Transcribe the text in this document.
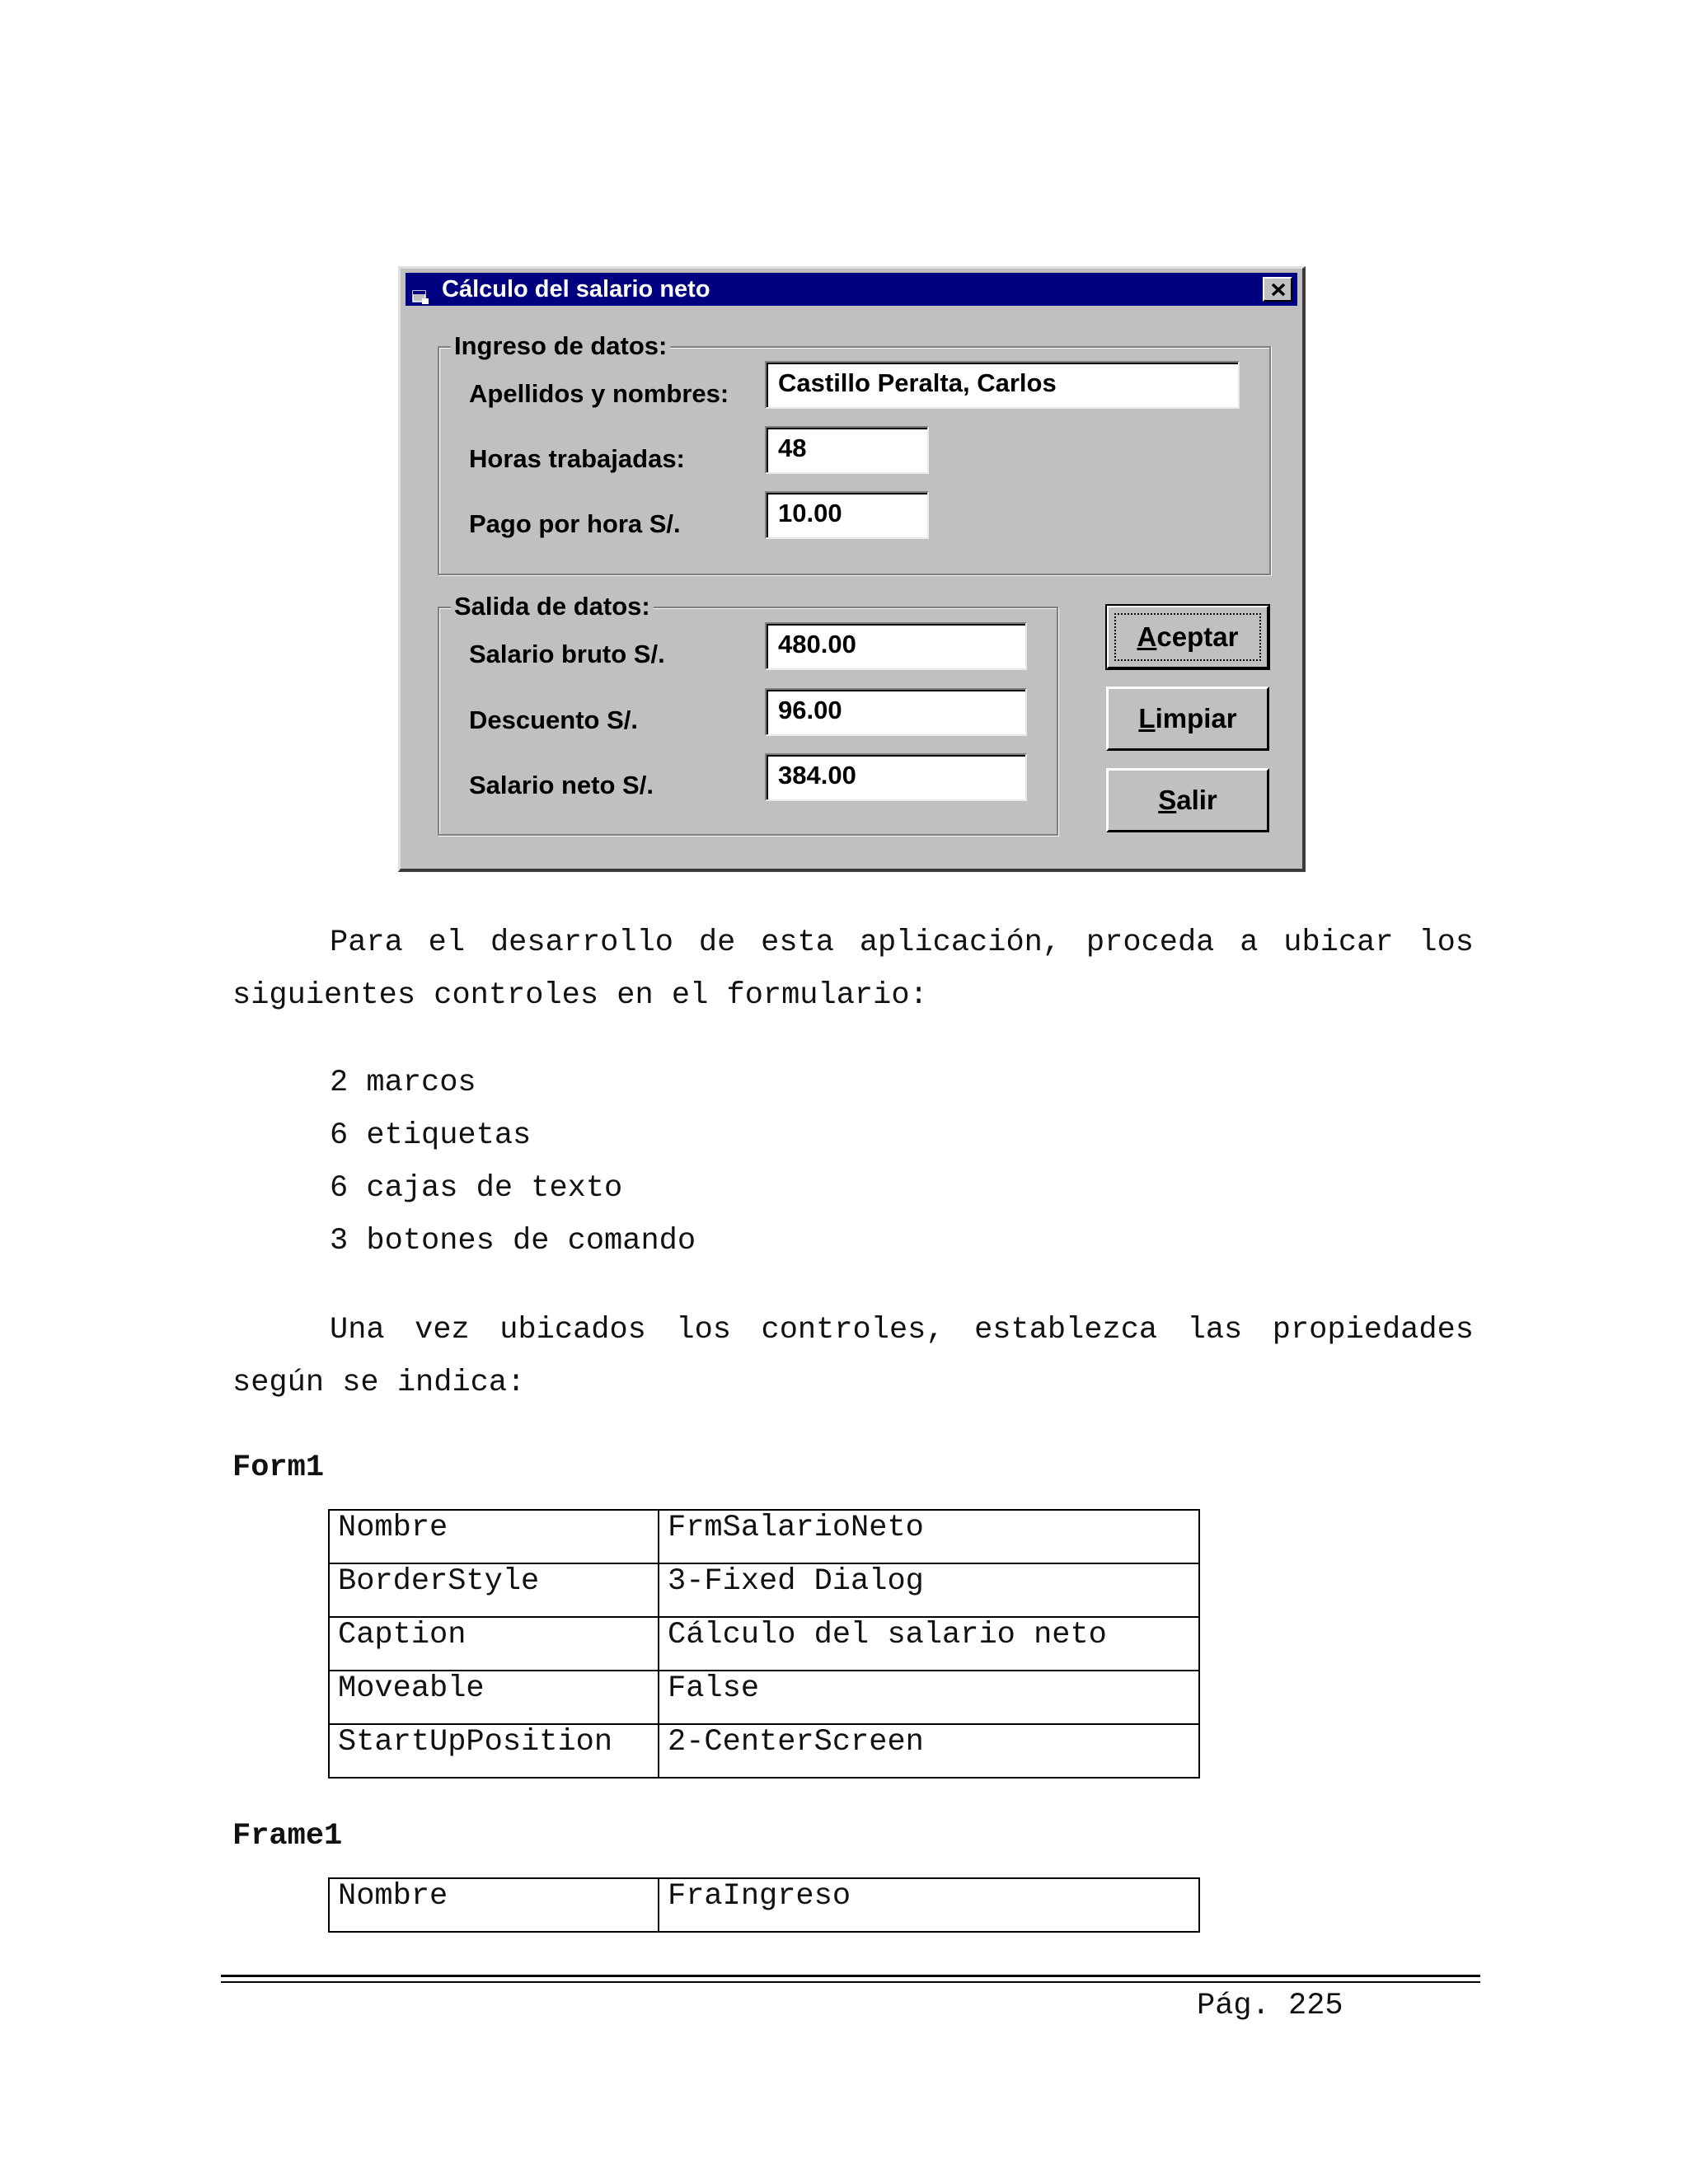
Cálculo del salario neto
Ingreso de datos:
Apellidos y nombres:	Castillo Peralta, Carlos
Horas trabajadas:	48
Pago por hora S/.	10.00
Salida de datos:
Salario bruto S/.	480.00
Descuento S/.	96.00
Salario neto S/.	384.00
Aceptar
Limpiar
Salir

Para el desarrollo de esta aplicación, proceda a ubicar los siguientes controles en el formulario:

2 marcos
6 etiquetas
6 cajas de texto
3 botones de comando

Una vez ubicados los controles, establezca las propiedades según se indica:

Form1
Nombre	FrmSalarioNeto
BorderStyle	3-Fixed Dialog
Caption	Cálculo del salario neto
Moveable	False
StartUpPosition	2-CenterScreen
Frame1
Nombre	FraIngreso
Pág. 225
